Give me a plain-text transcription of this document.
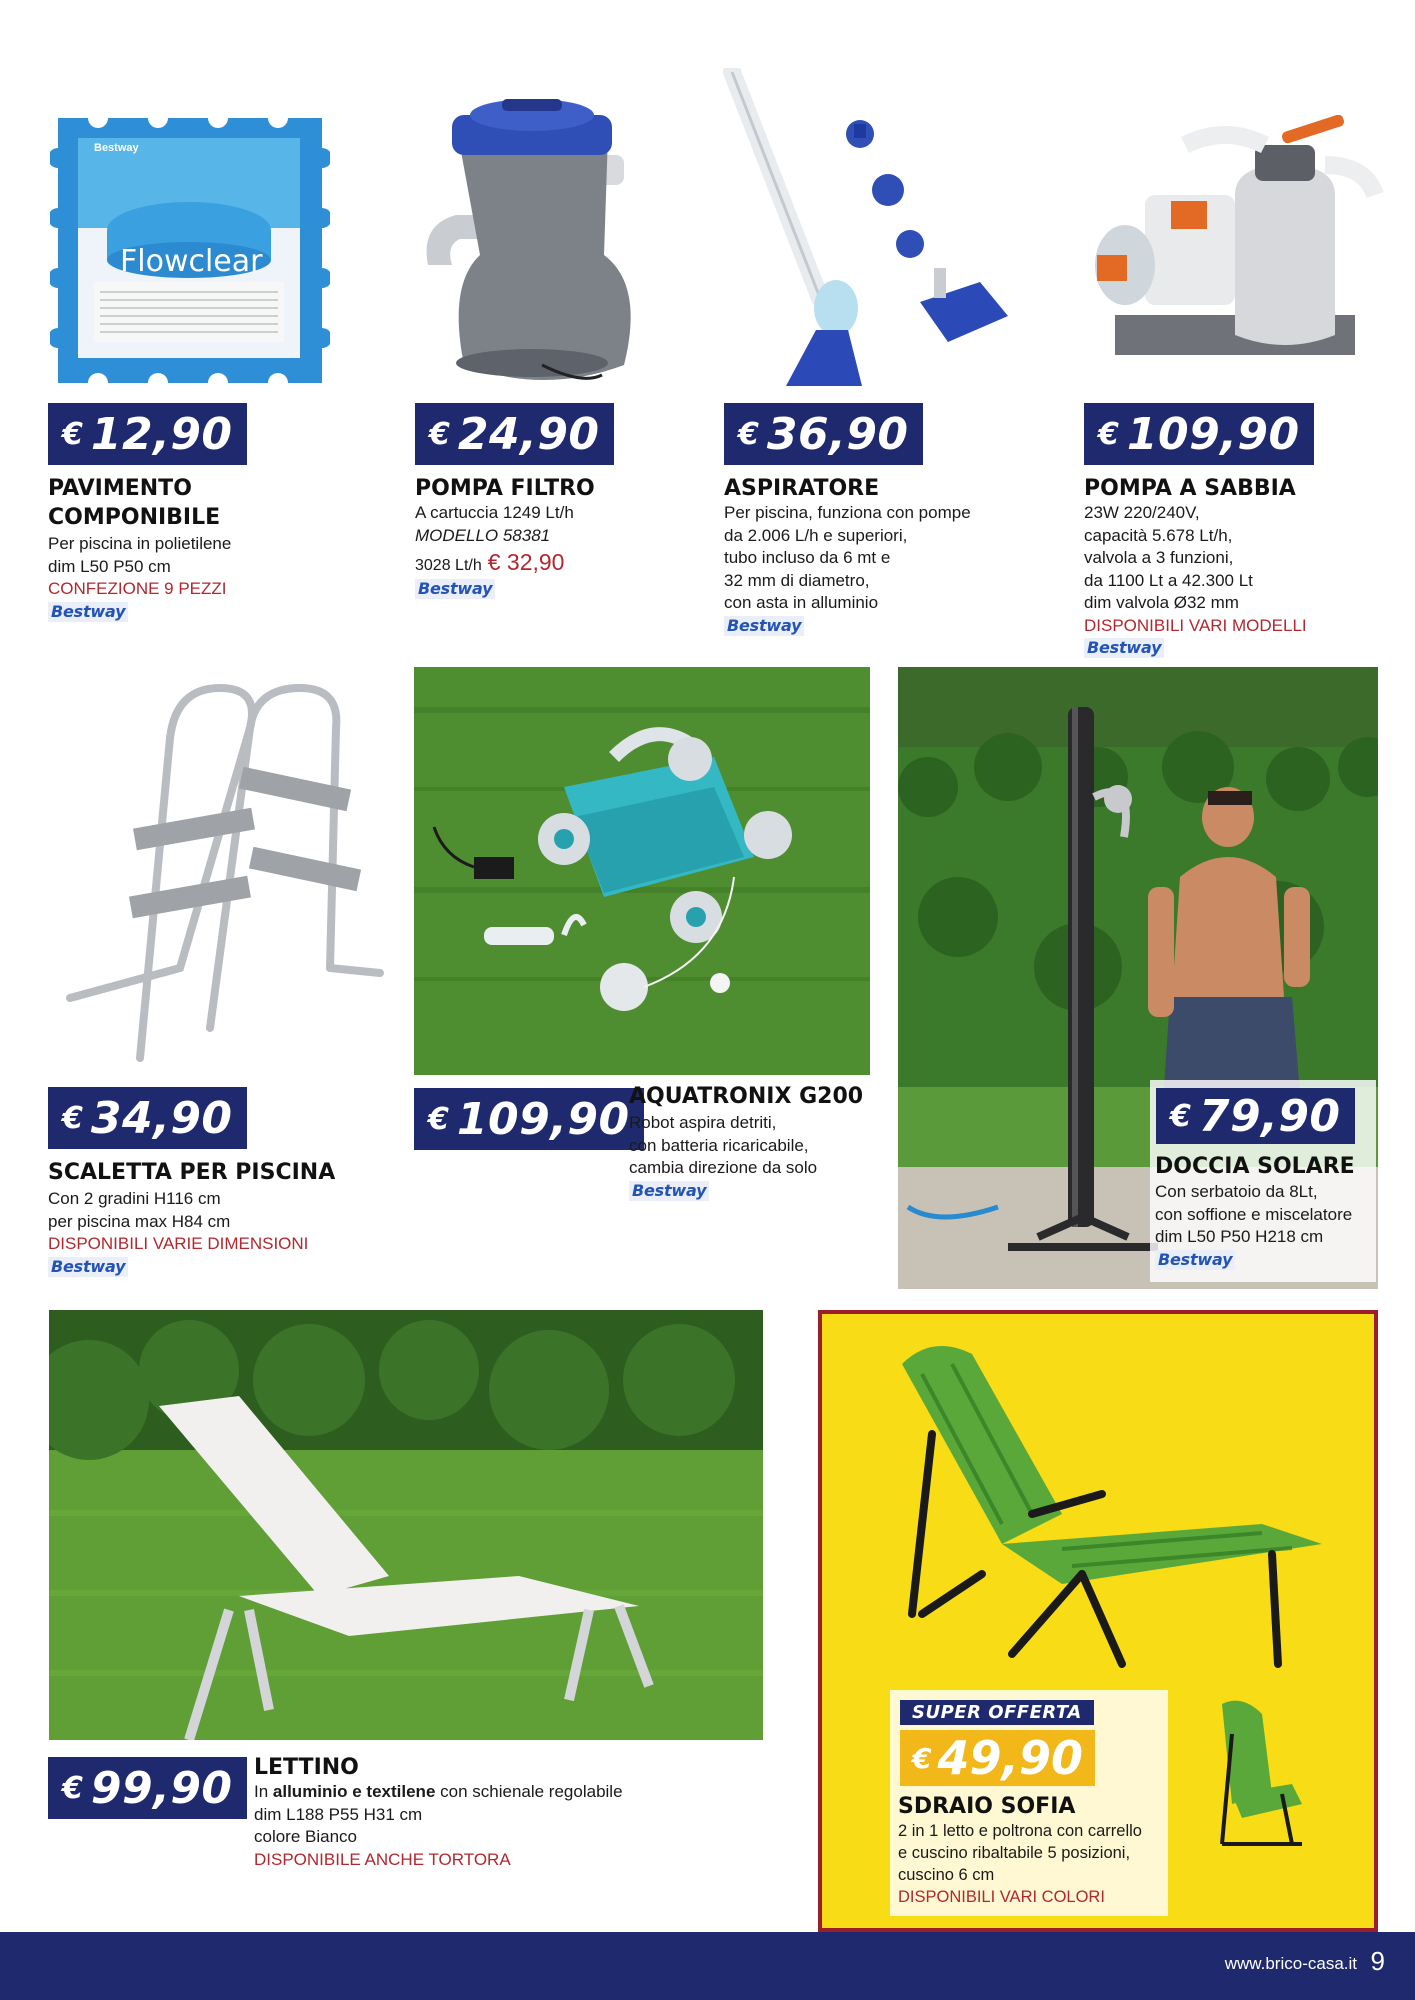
Bestway
Flowclear
€ 12,90	€ 24,90	€ 36,90	€ 109,90
PAVIMENTO
COMPONIBILE
Per piscina in polietilene
dim L50 P50 cm
CONFEZIONE 9 PEZZI
Bestway
POMPA FILTRO
A cartuccia 1249 Lt/h
MODELLO 58381
3028 Lt/h € 32,90
Bestway
ASPIRATORE
Per piscina, funziona con pompe
da 2.006 L/h e superiori,
tubo incluso da 6 mt e
32 mm di diametro,
con asta in alluminio
Bestway
POMPA A SABBIA
23W 220/240V,
capacità 5.678 Lt/h,
valvola a 3 funzioni,
da 1100 Lt a 42.300 Lt
dim valvola Ø32 mm
DISPONIBILI VARI MODELLI
Bestway
€ 34,90
SCALETTA PER PISCINA
Con 2 gradini H116 cm
per piscina max H84 cm
DISPONIBILI VARIE DIMENSIONI
Bestway
€ 109,90 AQUATRONIX G200
Robot aspira detriti,
con batteria ricaricabile,
cambia direzione da solo
Bestway
€ 79,90
DOCCIA SOLARE
Con serbatoio da 8Lt,
con soffione e miscelatore
dim L50 P50 H218 cm
Bestway
€ 99,90 LETTINO
In alluminio e textilene con schienale regolabile
dim L188 P55 H31 cm
colore Bianco
DISPONIBILE ANCHE TORTORA
SUPER OFFERTA
€ 49,90
SDRAIO SOFIA
2 in 1 letto e poltrona con carrello
e cuscino ribaltabile 5 posizioni,
cuscino 6 cm
DISPONIBILI VARI COLORI
www.brico-casa.it 9
